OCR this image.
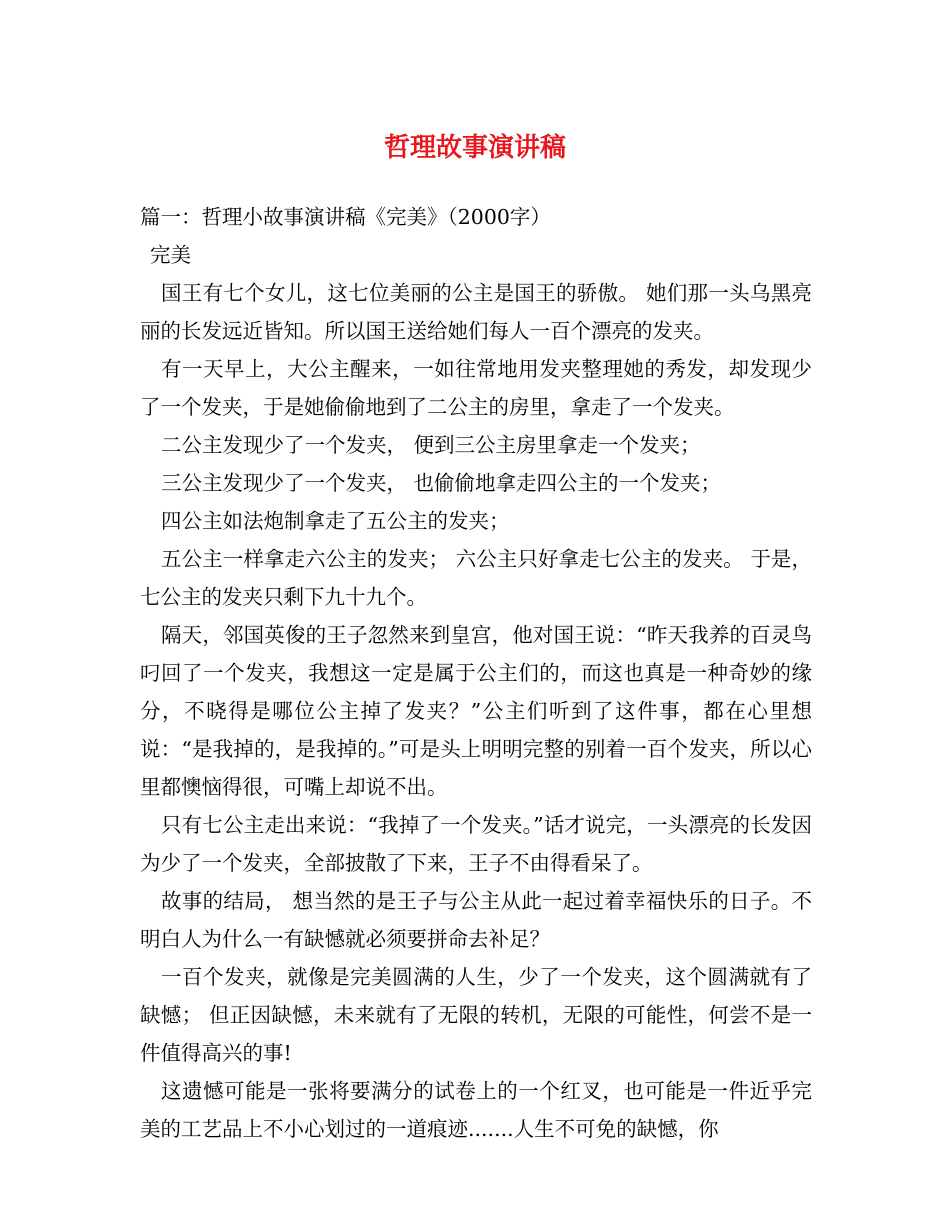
哲理故事演讲稿

篇一：哲理小故事演讲稿《完美》（2000字）

完美

国王有七个女儿，这七位美丽的公主是国王的骄傲。 她们那一头乌黑亮丽的长发远近皆知。所以国王送给她们每人一百个漂亮的发夹。

有一天早上，大公主醒来，一如往常地用发夹整理她的秀发，却发现少了一个发夹，于是她偷偷地到了二公主的房里，拿走了一个发夹。

二公主发现少了一个发夹， 便到三公主房里拿走一个发夹；

三公主发现少了一个发夹， 也偷偷地拿走四公主的一个发夹；

四公主如法炮制拿走了五公主的发夹；

五公主一样拿走六公主的发夹； 六公主只好拿走七公主的发夹。 于是，七公主的发夹只剩下九十九个。

隔天，邻国英俊的王子忽然来到皇宫，他对国王说：“昨天我养的百灵鸟叼回了一个发夹，我想这一定是属于公主们的，而这也真是一种奇妙的缘分，不晓得是哪位公主掉了发夹？”公主们听到了这件事，都在心里想说：“是我掉的，是我掉的。”可是头上明明完整的别着一百个发夹，所以心里都懊恼得很，可嘴上却说不出。

只有七公主走出来说：“我掉了一个发夹。”话才说完，一头漂亮的长发因为少了一个发夹，全部披散了下来，王子不由得看呆了。

故事的结局， 想当然的是王子与公主从此一起过着幸福快乐的日子。不明白人为什么一有缺憾就必须要拼命去补足？

一百个发夹，就像是完美圆满的人生，少了一个发夹，这个圆满就有了缺憾； 但正因缺憾，未来就有了无限的转机，无限的可能性，何尝不是一件值得高兴的事!

这遗憾可能是一张将要满分的试卷上的一个红叉，也可能是一件近乎完美的工艺品上不小心划过的一道痕迹.......人生不可免的缺憾，你
